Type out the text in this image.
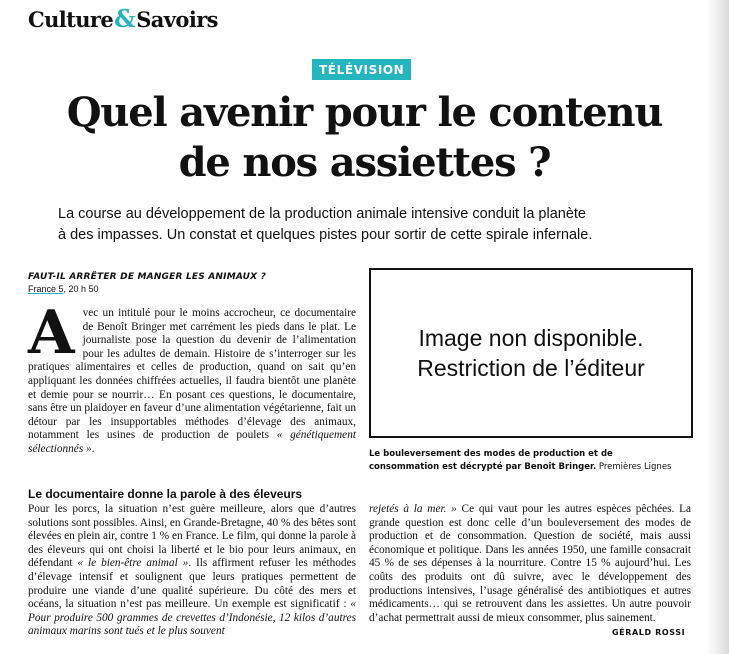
Culture&Savoirs
TÉLÉVISION
Quel avenir pour le contenu
de nos assiettes ?

La course au développement de la production animale intensive conduit la planète
à des impasses. Un constat et quelques pistes pour sortir de cette spirale infernale.

FAUT-IL ARRÊTER DE MANGER LES ANIMAUX ?
France 5, 20 h 50

Avec un intitulé pour le moins accrocheur, ce documentaire de Benoît Bringer met carrément les pieds dans le plat. Le journaliste pose la question du devenir de l’alimentation pour les adultes de demain. Histoire de s’interroger sur les pratiques alimentaires et celles de production, quand on sait qu’en appliquant les données chiffrées actuelles, il faudra bientôt une planète et demie pour se nourrir… En posant ces questions, le documentaire, sans être un plaidoyer en faveur d’une alimentation végétarienne, fait un détour par les insupportables méthodes d’élevage des animaux, notamment les usines de production de poulets « génétiquement sélectionnés ».

Le documentaire donne la parole à des éleveurs

Pour les porcs, la situation n’est guère meilleure, alors que d’autres solutions sont possibles. Ainsi, en Grande-Bretagne, 40 % des bêtes sont élevées en plein air, contre 1 % en France. Le film, qui donne la parole à des éleveurs qui ont choisi la liberté et le bio pour leurs animaux, en défendant « le bien-être animal ». Ils affirment refuser les méthodes d’élevage intensif et soulignent que leurs pratiques permettent de produire une viande d’une qualité supérieure. Du côté des mers et océans, la situation n’est pas meilleure. Un exemple est significatif : « Pour produire 500 grammes de crevettes d’Indonésie, 12 kilos d’autres animaux marins sont tués et le plus souvent

Image non disponible.
Restriction de l’éditeur
Le bouleversement des modes de production et de
consommation est décrypté par Benoît Bringer. Premières Lignes

rejetés à la mer. » Ce qui vaut pour les autres espèces pêchées. La grande question est donc celle d’un bouleversement des modes de production et de consommation. Question de société, mais aussi économique et politique. Dans les années 1950, une famille consacrait 45 % de ses dépenses à la nourriture. Contre 15 % aujourd’hui. Les coûts des produits ont dû suivre, avec le développement des productions intensives, l’usage généralisé des antibiotiques et autres médicaments… qui se retrouvent dans les assiettes. Un autre pouvoir d’achat permettrait aussi de mieux consommer, plus sainement.

GÉRALD ROSSI
